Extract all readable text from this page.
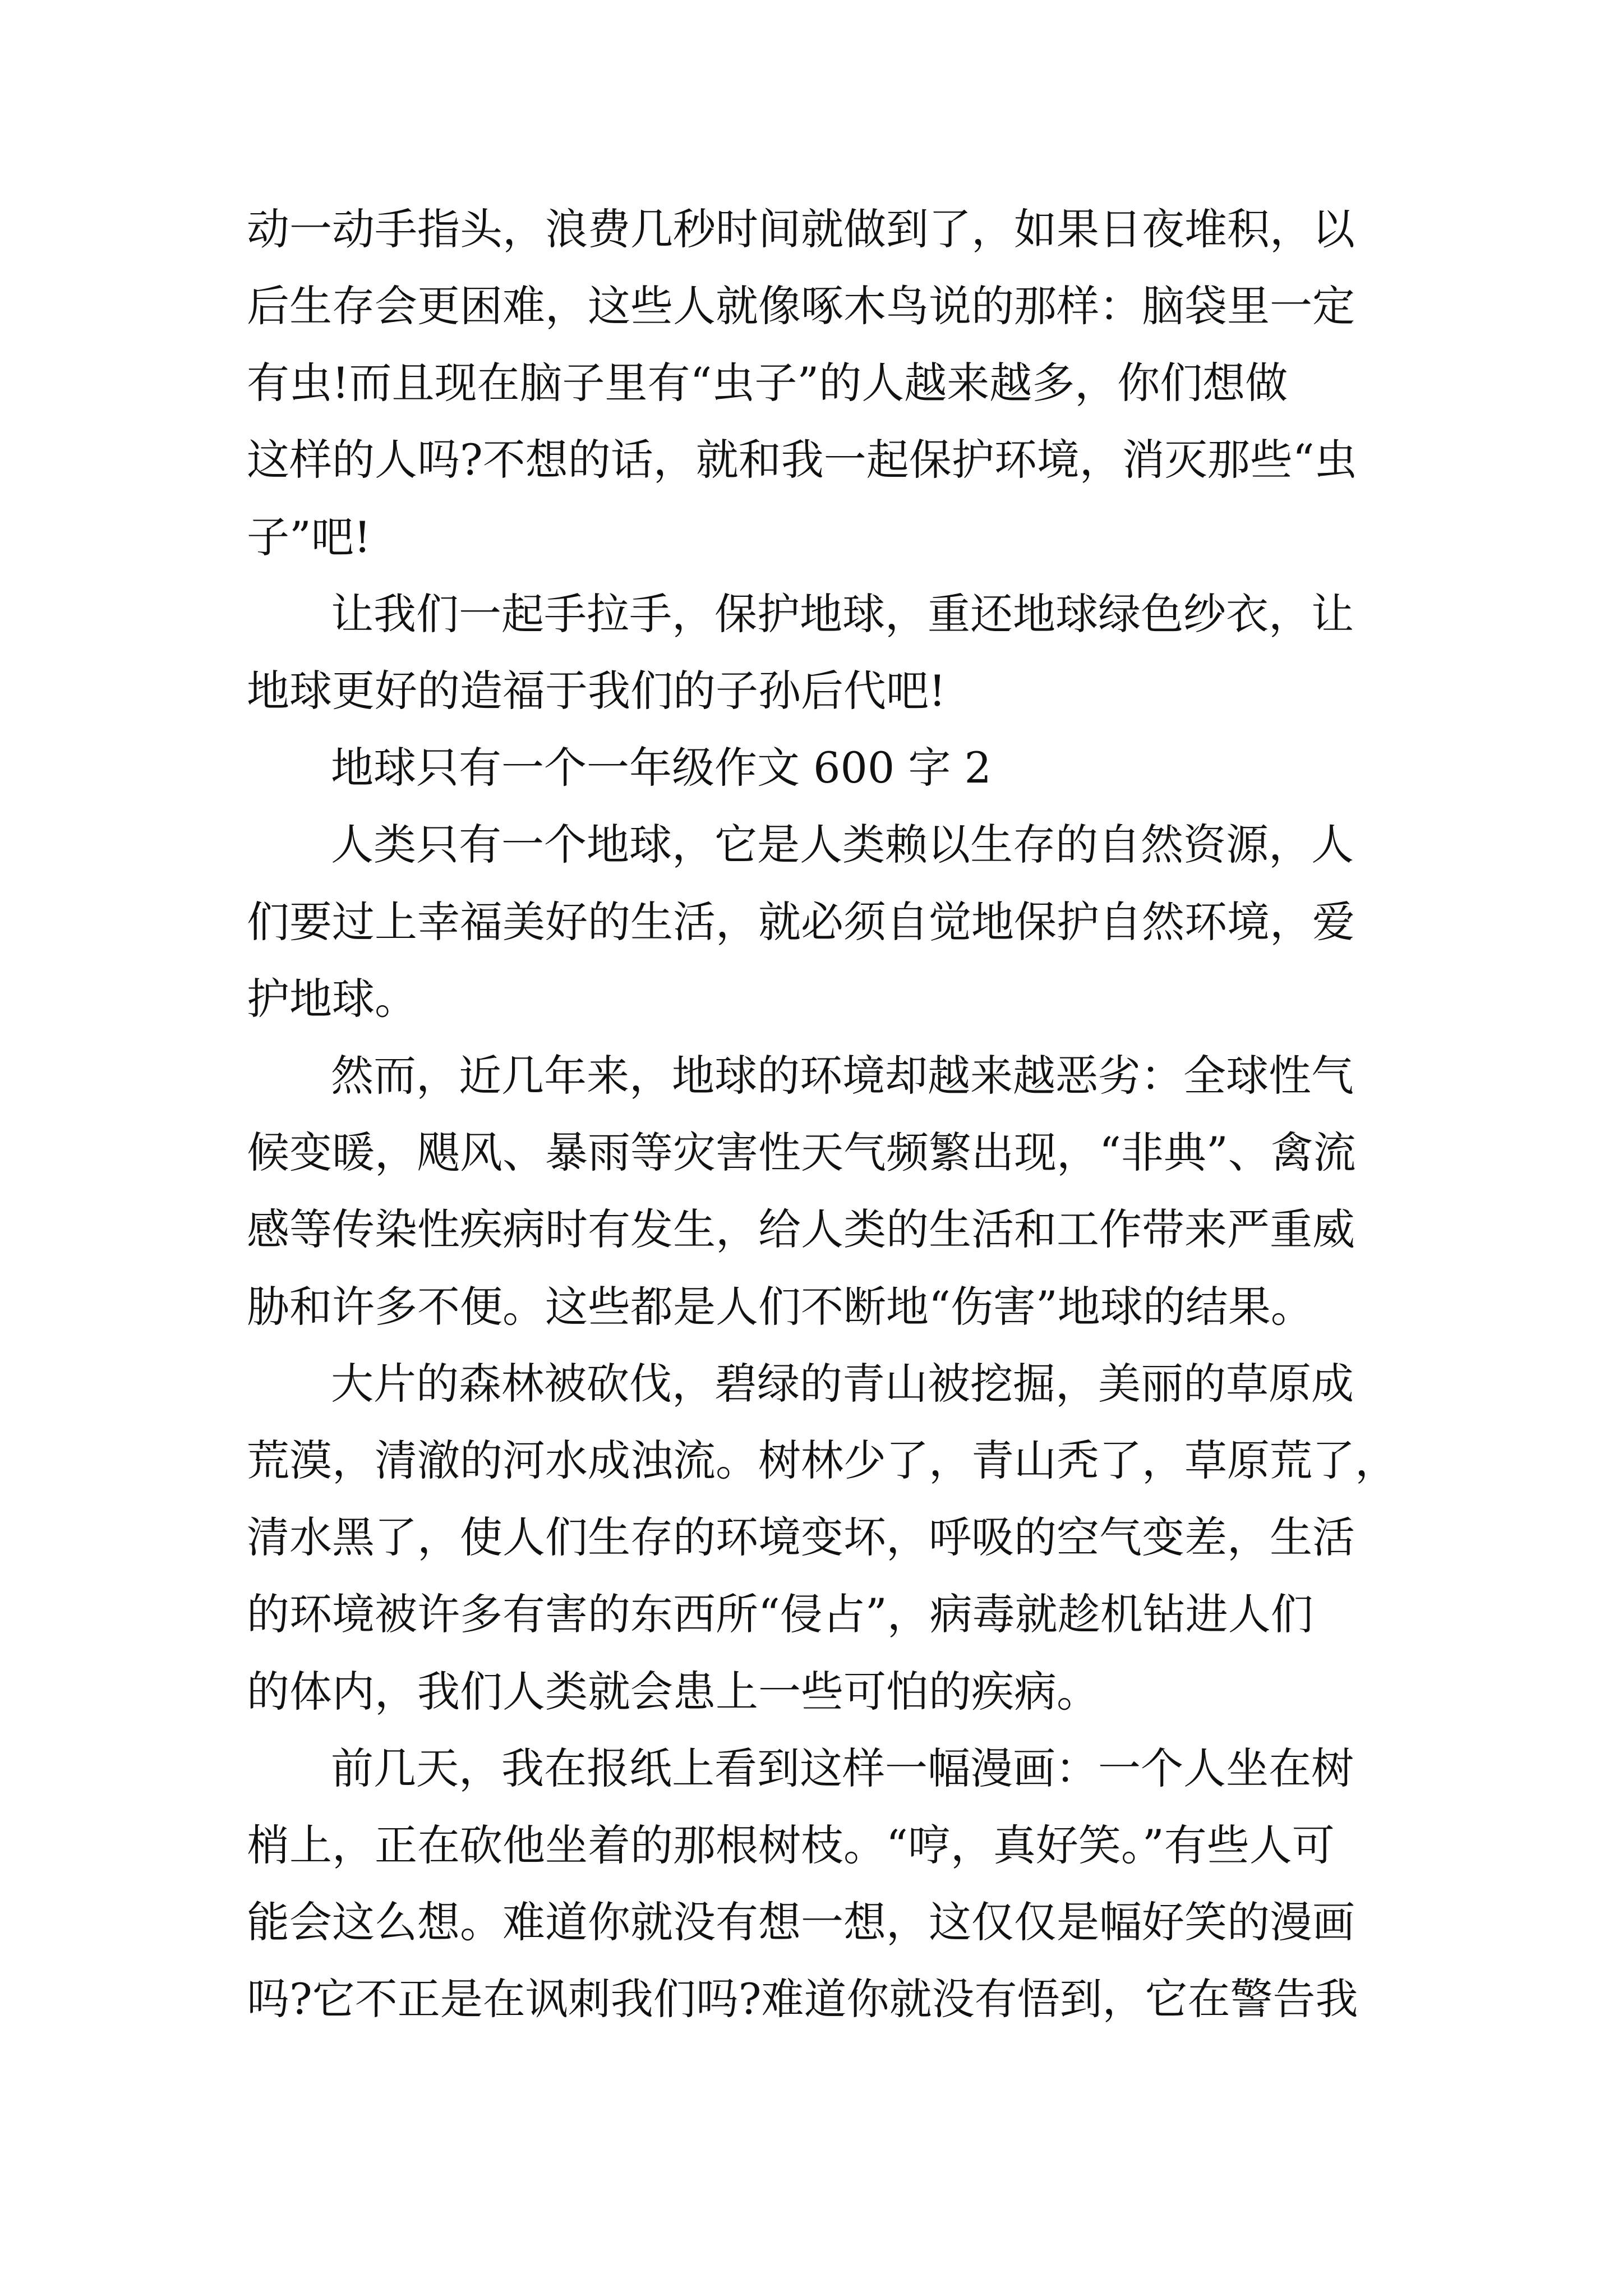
动一动手指头，浪费几秒时间就做到了，如果日夜堆积，以
后生存会更困难，这些人就像啄木鸟说的那样：脑袋里一定
有虫!而且现在脑子里有“虫子”的人越来越多，你们想做
这样的人吗?不想的话，就和我一起保护环境，消灭那些“虫
子”吧!
让我们一起手拉手，保护地球，重还地球绿色纱衣，让
地球更好的造福于我们的子孙后代吧!
地球只有一个一年级作文 600 字 2
人类只有一个地球，它是人类赖以生存的自然资源，人
们要过上幸福美好的生活，就必须自觉地保护自然环境，爱
护地球。
然而，近几年来，地球的环境却越来越恶劣：全球性气
候变暖，飓风、暴雨等灾害性天气频繁出现，“非典”、禽流
感等传染性疾病时有发生，给人类的生活和工作带来严重威
胁和许多不便。这些都是人们不断地“伤害”地球的结果。
大片的森林被砍伐，碧绿的青山被挖掘，美丽的草原成
荒漠，清澈的河水成浊流。树林少了，青山秃了，草原荒了，
清水黑了，使人们生存的环境变坏，呼吸的空气变差，生活
的环境被许多有害的东西所“侵占”，病毒就趁机钻进人们
的体内，我们人类就会患上一些可怕的疾病。
前几天，我在报纸上看到这样一幅漫画：一个人坐在树
梢上，正在砍他坐着的那根树枝。“哼，真好笑。”有些人可
能会这么想。难道你就没有想一想，这仅仅是幅好笑的漫画
吗?它不正是在讽刺我们吗?难道你就没有悟到，它在警告我
